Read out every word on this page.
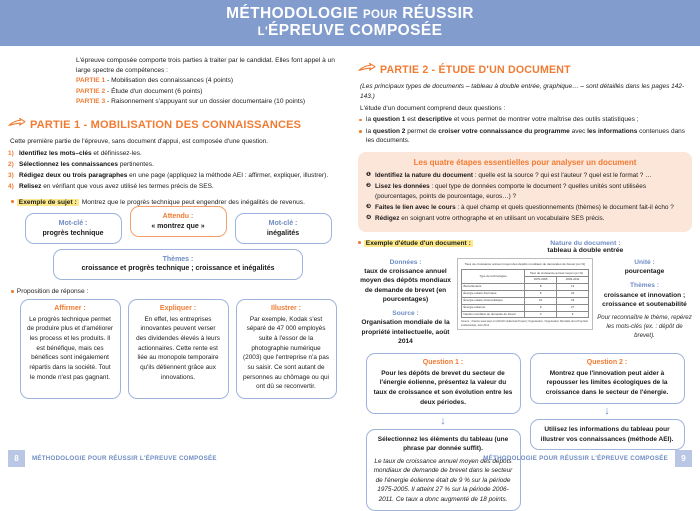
MÉTHODOLOGIE POUR RÉUSSIR
L'ÉPREUVE COMPOSÉE
L'épreuve composée comporte trois parties à traiter par le candidat. Elles font appel à un large spectre de compétences :
PARTIE 1 - Mobilisation des connaissances (4 points)
PARTIE 2 - Étude d'un document (6 points)
PARTIE 3 - Raisonnement s'appuyant sur un dossier documentaire (10 points)
PARTIE 1 - MOBILISATION DES CONNAISSANCES
Cette première partie de l'épreuve, sans document d'appui, est composée d'une question.
1) Identifiez les mots–clés et définissez-les.
2) Sélectionnez les connaissances pertinentes.
3) Rédigez deux ou trois paragraphes en une page (appliquez la méthode AEI : affirmer, expliquer, illustrer).
4) Relisez en vérifiant que vous avez utilisé les termes précis de SES.
Exemple de sujet : Montrez que le progrès technique peut engendrer des inégalités de revenus.
Mot-clé :
progrès technique
Attendu :
« montrez que »	Mot-clé :
inégalités
Thèmes :
croissance et progrès technique ; croissance et inégalités
Proposition de réponse :
Affirmer :
Le progrès technique permet de produire plus et d'améliorer les process et les produits. Il est bénéfique, mais ces bénéfices sont inégalement répartis dans la société. Tout le monde n'est pas gagnant.
Expliquer :
En effet, les entreprises innovantes peuvent verser des dividendes élevés à leurs actionnaires. Cette rente est liée au monopole temporaire qu'ils détiennent grâce aux innovations.
Illustrer :
Par exemple, Kodak s'est séparé de 47 000 employés suite à l'essor de la photographie numérique (2003) que l'entreprise n'a pas su saisir. Ce sont autant de personnes au chômage ou qui ont dû se reconvertir.
PARTIE 2 - ÉTUDE D'UN DOCUMENT
(Les principaux types de documents – tableau à double entrée, graphique… – sont détaillés dans les pages 142-143.)
L'étude d'un document comprend deux questions :
la question 1 est descriptive et vous permet de montrer votre maîtrise des outils statistiques ;
la question 2 permet de croiser votre connaissance du programme avec les informations contenues dans les documents.
Les quatre étapes essentielles pour analyser un document
❶ Identifiez la nature du document : quelle est la source ? qui est l'auteur ? quel est le format ? …
❷ Lisez les données : quel type de données comporte le document ? quelles unités sont utilisées (pourcentages, points de pourcentage, euros…) ?
❸ Faites le lien avec le cours : à quel champ et quels questionnements (thèmes) le document fait-il écho ?
❹ Rédigez en soignant votre orthographe et en utilisant un vocabulaire SES précis.
Exemple d'étude d'un document :	Nature du document :
tableau à double entrée
Données :
taux de croissance annuel moyen des dépôts mondiaux de demande de brevet (en pourcentages)
Source :
Organisation mondiale de la propriété intellectuelle, août 2014
Taux de croissance annuel moyen des dépôts mondiaux de demandes de brevet (en %)
Type de technologies	Taux de croissance annuel moyen (en %)	
	1975-2005	2006-2011
Biocarburants	8	13
Énergie solaire thermique	5	24
Énergie solaire photovoltaïque	10	23
Énergie éolienne	9	27
Dépôts mondiaux de demande de brevet	3	6
Source : d'après www.wipo.int (World Intellectual Property Organisation, Organisation Mondiale de la Propriété intellectuelle), août 2014.
Unité :
pourcentage
Thèmes :
croissance et innovation ; croissance et soutenabilité
Pour reconnaître le thème, repérez les mots-clés (ex. : dépôt de brevet).
Question 1 :
Pour les dépôts de brevet du secteur de l'énergie éolienne, présentez la valeur du taux de croissance et son évolution entre les deux périodes.
↓
Sélectionnez les éléments du tableau (une phrase par donnée suffit).
Le taux de croissance annuel moyen des dépôts mondiaux de demande de brevet dans le secteur de l'énergie éolienne était de 9 % sur la période 1975-2005. Il atteint 27 % sur la période 2006-2011. Ce taux a donc augmenté de 18 points.
Question 2 :
Montrez que l'innovation peut aider à repousser les limites écologiques de la croissance dans le secteur de l'énergie.
↓
Utilisez les informations du tableau pour illustrer vos connaissances (méthode AEI).
8	MÉTHODOLOGIE POUR RÉUSSIR L'ÉPREUVE COMPOSÉE	MÉTHODOLOGIE POUR RÉUSSIR L'ÉPREUVE COMPOSÉE	9
